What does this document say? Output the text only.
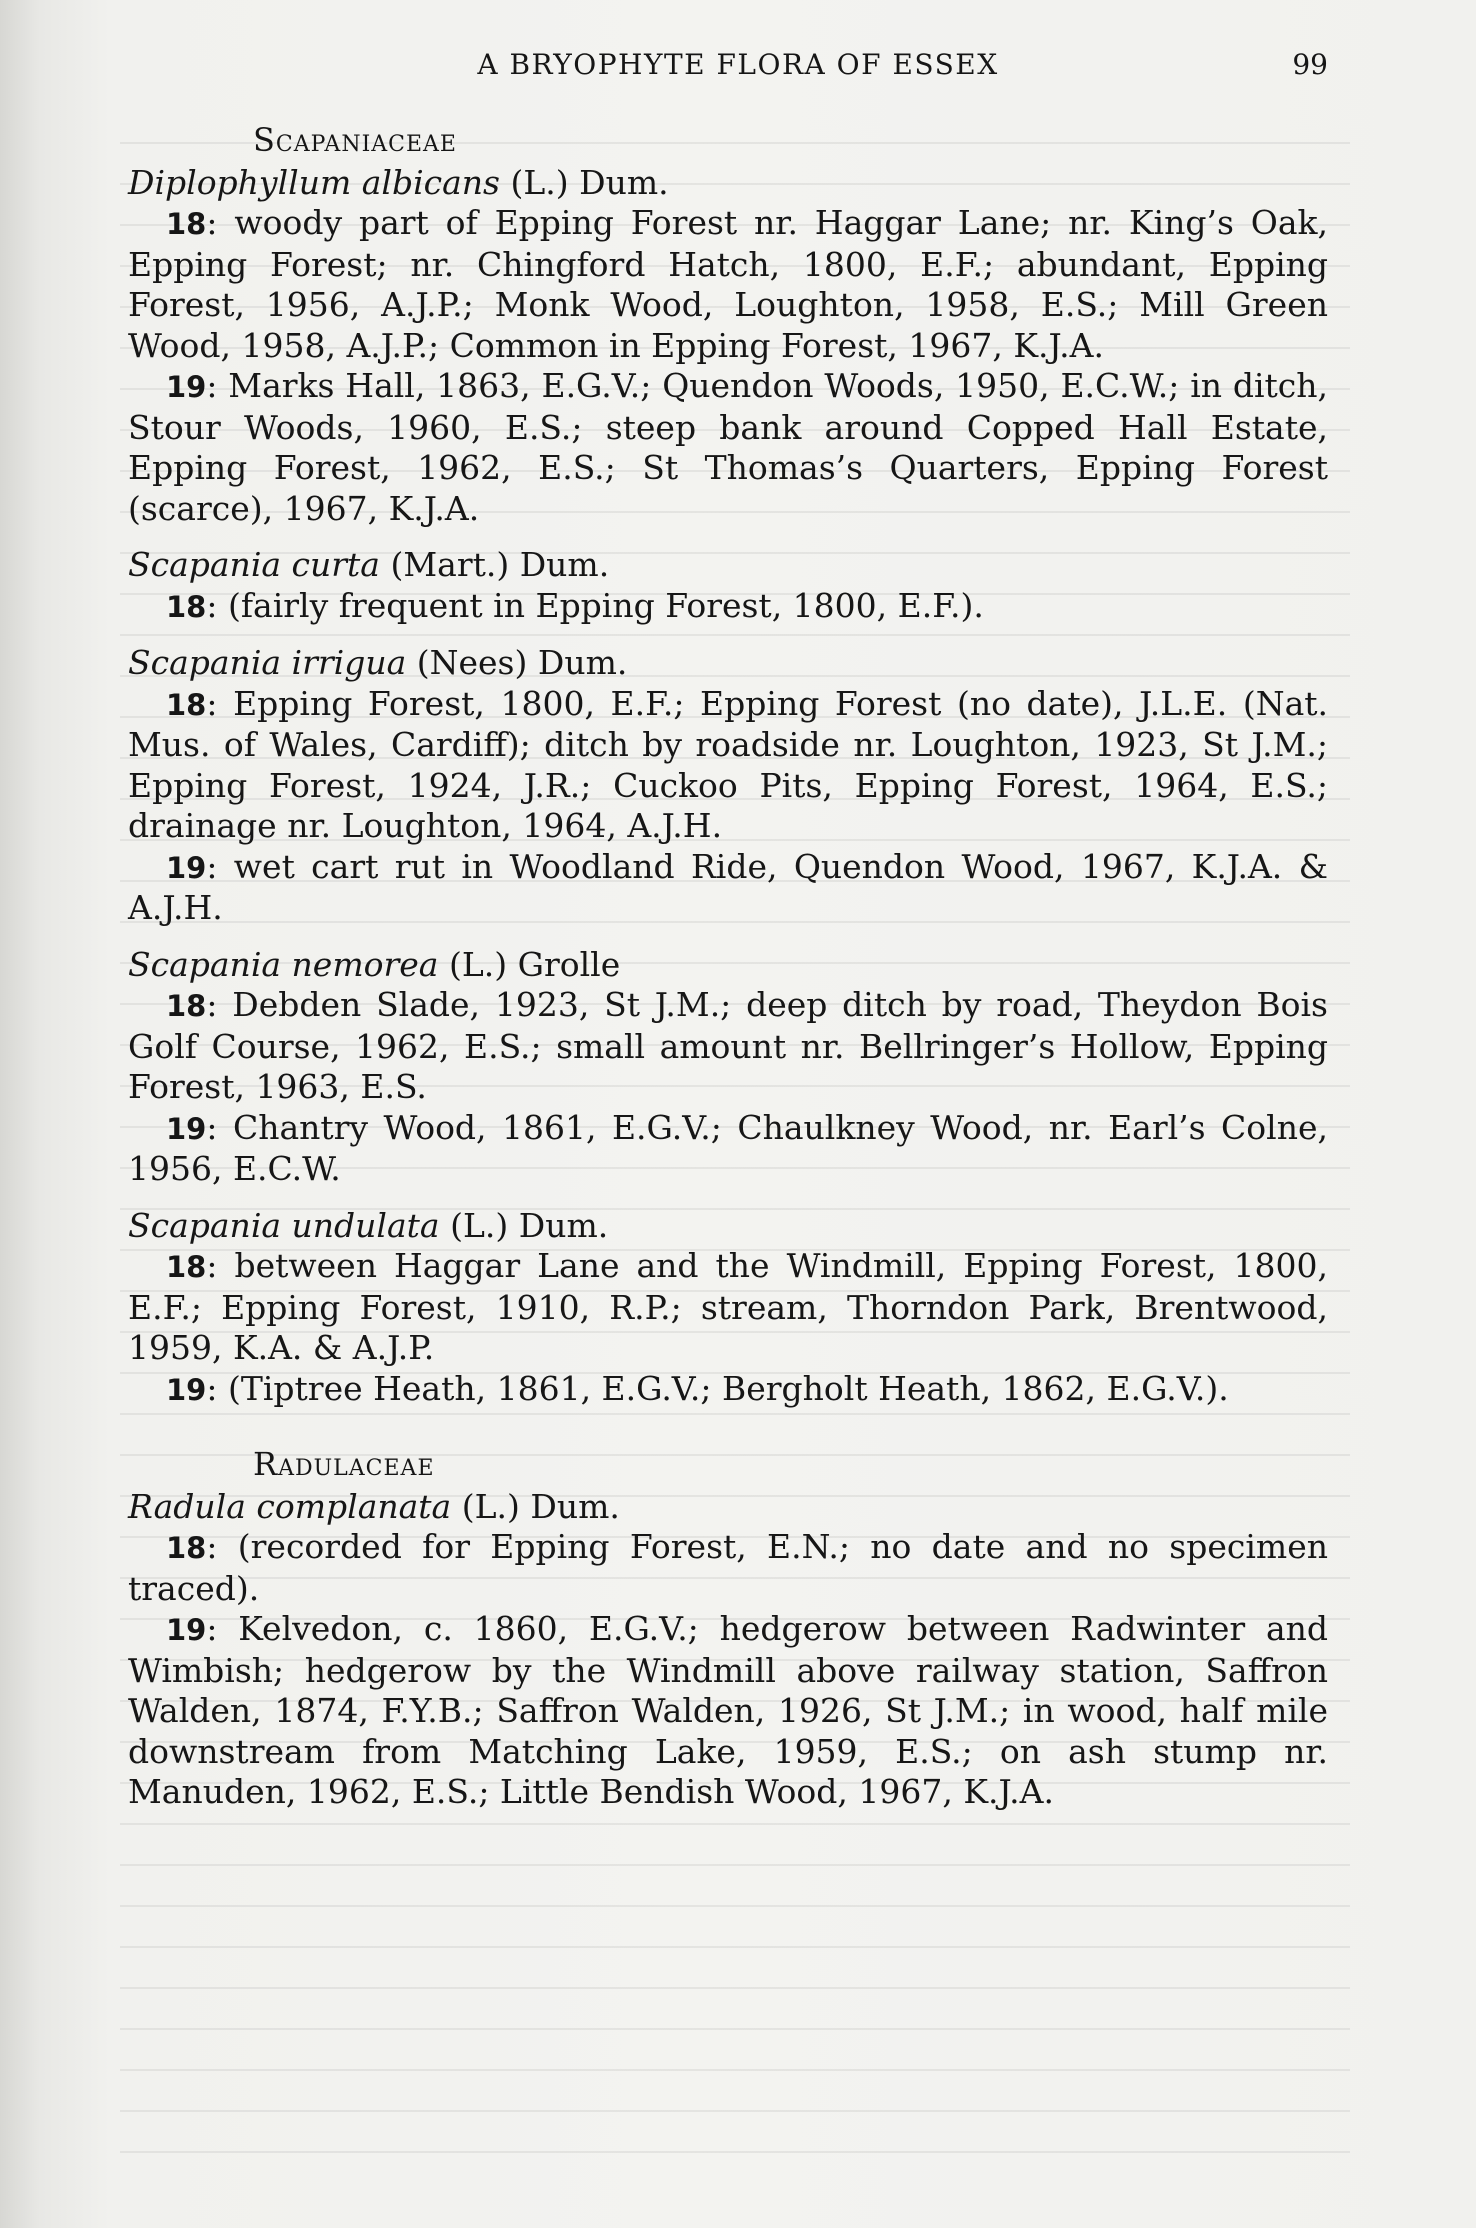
A BRYOPHYTE FLORA OF ESSEX	99
Scapaniaceae

Diplophyllum albicans (L.) Dum.

18: woody part of Epping Forest nr. Haggar Lane; nr. King’s Oak, Epping Forest; nr. Chingford Hatch, 1800, E.F.; abundant, Epping Forest, 1956, A.J.P.; Monk Wood, Loughton, 1958, E.S.; Mill Green Wood, 1958, A.J.P.; Common in Epping Forest, 1967, K.J.A.

19: Marks Hall, 1863, E.G.V.; Quendon Woods, 1950, E.C.W.; in ditch, Stour Woods, 1960, E.S.; steep bank around Copped Hall Estate, Epping Forest, 1962, E.S.; St Thomas’s Quarters, Epping Forest (scarce), 1967, K.J.A.

Scapania curta (Mart.) Dum.

18: (fairly frequent in Epping Forest, 1800, E.F.).

Scapania irrigua (Nees) Dum.

18: Epping Forest, 1800, E.F.; Epping Forest (no date), J.L.E. (Nat. Mus. of Wales, Cardiff); ditch by roadside nr. Loughton, 1923, St J.M.; Epping Forest, 1924, J.R.; Cuckoo Pits, Epping Forest, 1964, E.S.; drainage nr. Loughton, 1964, A.J.H.

19: wet cart rut in Woodland Ride, Quendon Wood, 1967, K.J.A. & A.J.H.

Scapania nemorea (L.) Grolle

18: Debden Slade, 1923, St J.M.; deep ditch by road, Theydon Bois Golf Course, 1962, E.S.; small amount nr. Bellringer’s Hollow, Epping Forest, 1963, E.S.

19: Chantry Wood, 1861, E.G.V.; Chaulkney Wood, nr. Earl’s Colne, 1956, E.C.W.

Scapania undulata (L.) Dum.

18: between Haggar Lane and the Windmill, Epping Forest, 1800, E.F.; Epping Forest, 1910, R.P.; stream, Thorndon Park, Brentwood, 1959, K.A. & A.J.P.

19: (Tiptree Heath, 1861, E.G.V.; Bergholt Heath, 1862, E.G.V.).

Radulaceae

Radula complanata (L.) Dum.

18: (recorded for Epping Forest, E.N.; no date and no specimen traced).

19: Kelvedon, c. 1860, E.G.V.; hedgerow between Radwinter and Wimbish; hedgerow by the Windmill above railway station, Saffron Walden, 1874, F.Y.B.; Saffron Walden, 1926, St J.M.; in wood, half mile downstream from Matching Lake, 1959, E.S.; on ash stump nr. Manuden, 1962, E.S.; Little Bendish Wood, 1967, K.J.A.
